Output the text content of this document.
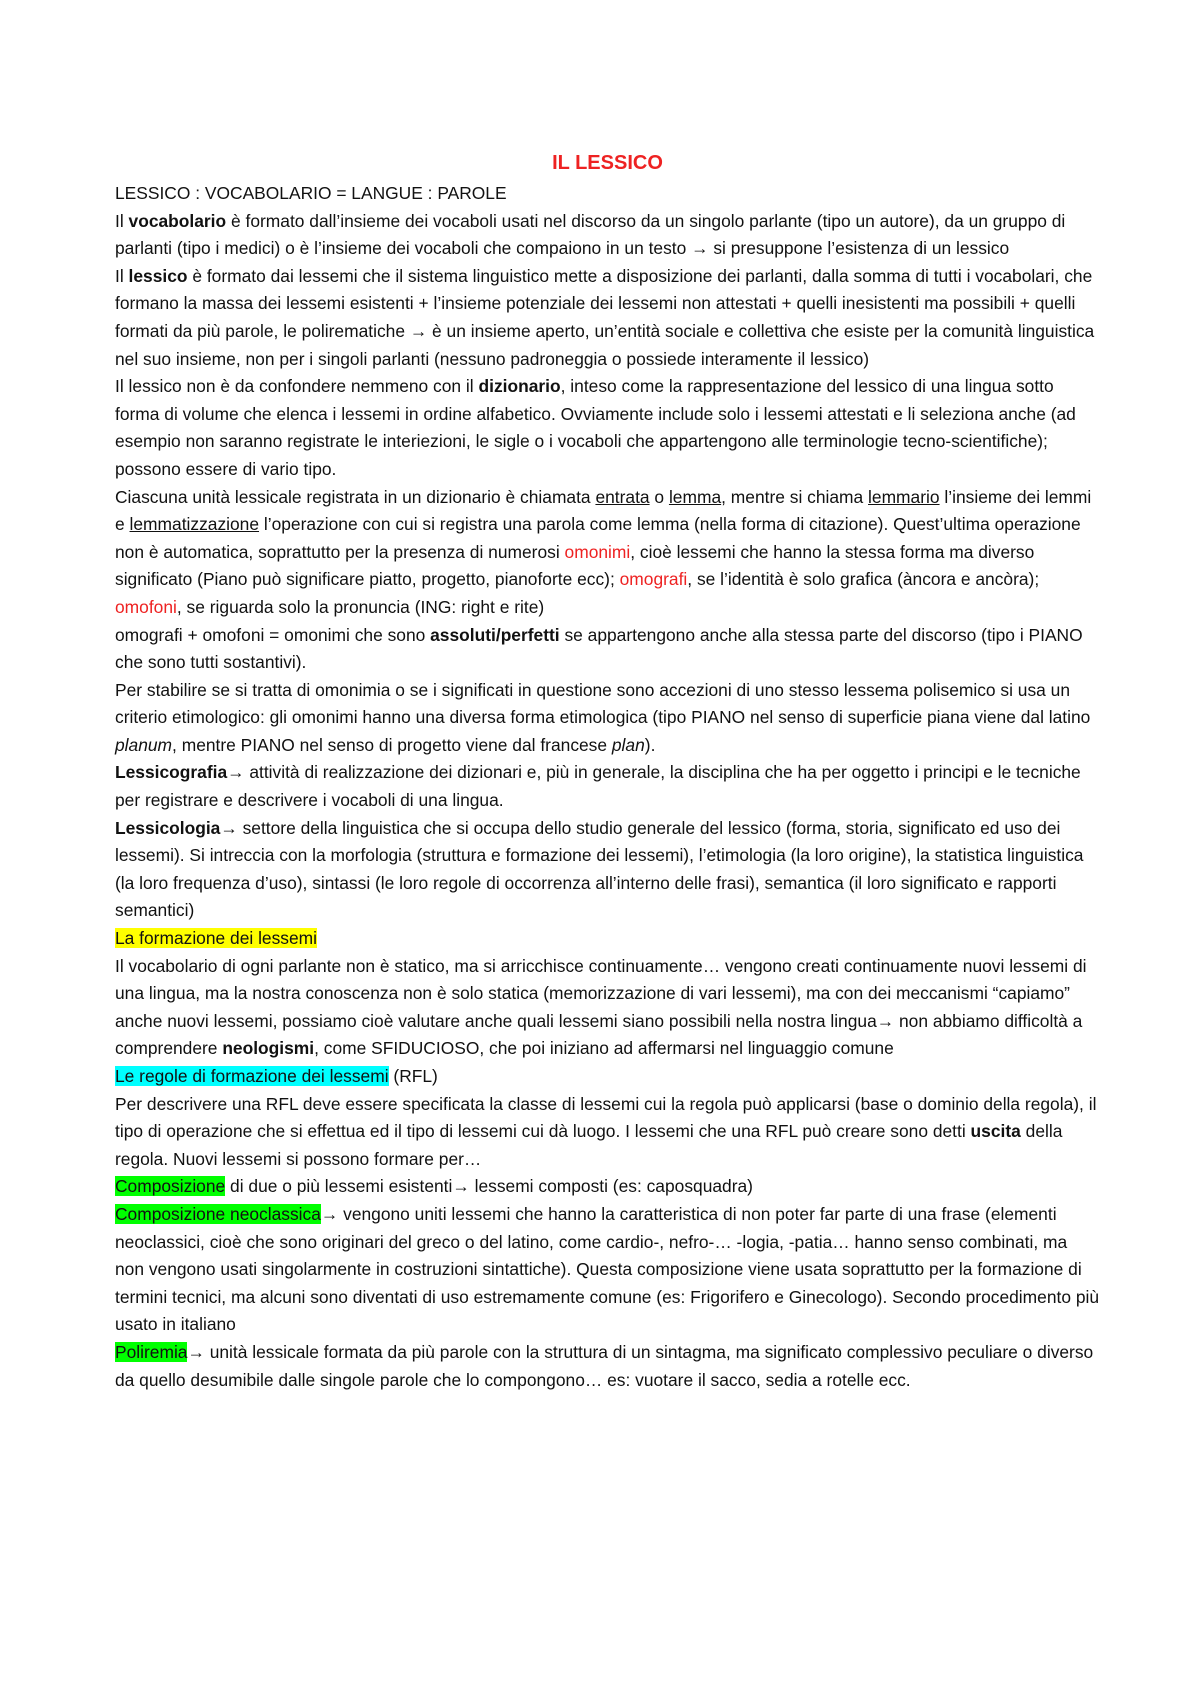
IL LESSICO

LESSICO : VOCABOLARIO = LANGUE : PAROLE

Il vocabolario è formato dall’insieme dei vocaboli usati nel discorso da un singolo parlante (tipo un autore), da un gruppo di parlanti (tipo i medici) o è l’insieme dei vocaboli che compaiono in un testo → si presuppone l’esistenza di un lessico

Il lessico è formato dai lessemi che il sistema linguistico mette a disposizione dei parlanti, dalla somma di tutti i vocabolari, che formano la massa dei lessemi esistenti + l’insieme potenziale dei lessemi non attestati + quelli inesistenti ma possibili + quelli formati da più parole, le polirematiche → è un insieme aperto, un’entità sociale e collettiva che esiste per la comunità linguistica nel suo insieme, non per i singoli parlanti (nessuno padroneggia o possiede interamente il lessico)

Il lessico non è da confondere nemmeno con il dizionario, inteso come la rappresentazione del lessico di una lingua sotto forma di volume che elenca i lessemi in ordine alfabetico. Ovviamente include solo i lessemi attestati e li seleziona anche (ad esempio non saranno registrate le interiezioni, le sigle o i vocaboli che appartengono alle terminologie tecno-scientifiche); possono essere di vario tipo.

Ciascuna unità lessicale registrata in un dizionario è chiamata entrata o lemma, mentre si chiama lemmario l’insieme dei lemmi e lemmatizzazione l’operazione con cui si registra una parola come lemma (nella forma di citazione). Quest’ultima operazione non è automatica, soprattutto per la presenza di numerosi omonimi, cioè lessemi che hanno la stessa forma ma diverso significato (Piano può significare piatto, progetto, pianoforte ecc); omografi, se l’identità è solo grafica (àncora e ancòra); omofoni, se riguarda solo la pronuncia (ING: right e rite)

omografi + omofoni = omonimi che sono assoluti/perfetti se appartengono anche alla stessa parte del discorso (tipo i PIANO che sono tutti sostantivi).

Per stabilire se si tratta di omonimia o se i significati in questione sono accezioni di uno stesso lessema polisemico si usa un criterio etimologico: gli omonimi hanno una diversa forma etimologica (tipo PIANO nel senso di superficie piana viene dal latino planum, mentre PIANO nel senso di progetto viene dal francese plan).

Lessicografia→ attività di realizzazione dei dizionari e, più in generale, la disciplina che ha per oggetto i principi e le tecniche per registrare e descrivere i vocaboli di una lingua.

Lessicologia→ settore della linguistica che si occupa dello studio generale del lessico (forma, storia, significato ed uso dei lessemi). Si intreccia con la morfologia (struttura e formazione dei lessemi), l’etimologia (la loro origine), la statistica linguistica (la loro frequenza d’uso), sintassi (le loro regole di occorrenza all’interno delle frasi), semantica (il loro significato e rapporti semantici)

La formazione dei lessemi

Il vocabolario di ogni parlante non è statico, ma si arricchisce continuamente… vengono creati continuamente nuovi lessemi di una lingua, ma la nostra conoscenza non è solo statica (memorizzazione di vari lessemi), ma con dei meccanismi “capiamo” anche nuovi lessemi, possiamo cioè valutare anche quali lessemi siano possibili nella nostra lingua→ non abbiamo difficoltà a comprendere neologismi, come SFIDUCIOSO, che poi iniziano ad affermarsi nel linguaggio comune

Le regole di formazione dei lessemi (RFL)

Per descrivere una RFL deve essere specificata la classe di lessemi cui la regola può applicarsi (base o dominio della regola), il tipo di operazione che si effettua ed il tipo di lessemi cui dà luogo. I lessemi che una RFL può creare sono detti uscita della regola. Nuovi lessemi si possono formare per…

Composizione di due o più lessemi esistenti→ lessemi composti (es: caposquadra)

Composizione neoclassica→ vengono uniti lessemi che hanno la caratteristica di non poter far parte di una frase (elementi neoclassici, cioè che sono originari del greco o del latino, come cardio-, nefro-… -logia, -patia… hanno senso combinati, ma non vengono usati singolarmente in costruzioni sintattiche). Questa composizione viene usata soprattutto per la formazione di termini tecnici, ma alcuni sono diventati di uso estremamente comune (es: Frigorifero e Ginecologo). Secondo procedimento più usato in italiano

Poliremia→ unità lessicale formata da più parole con la struttura di un sintagma, ma significato complessivo peculiare o diverso da quello desumibile dalle singole parole che lo compongono… es: vuotare il sacco, sedia a rotelle ecc.
